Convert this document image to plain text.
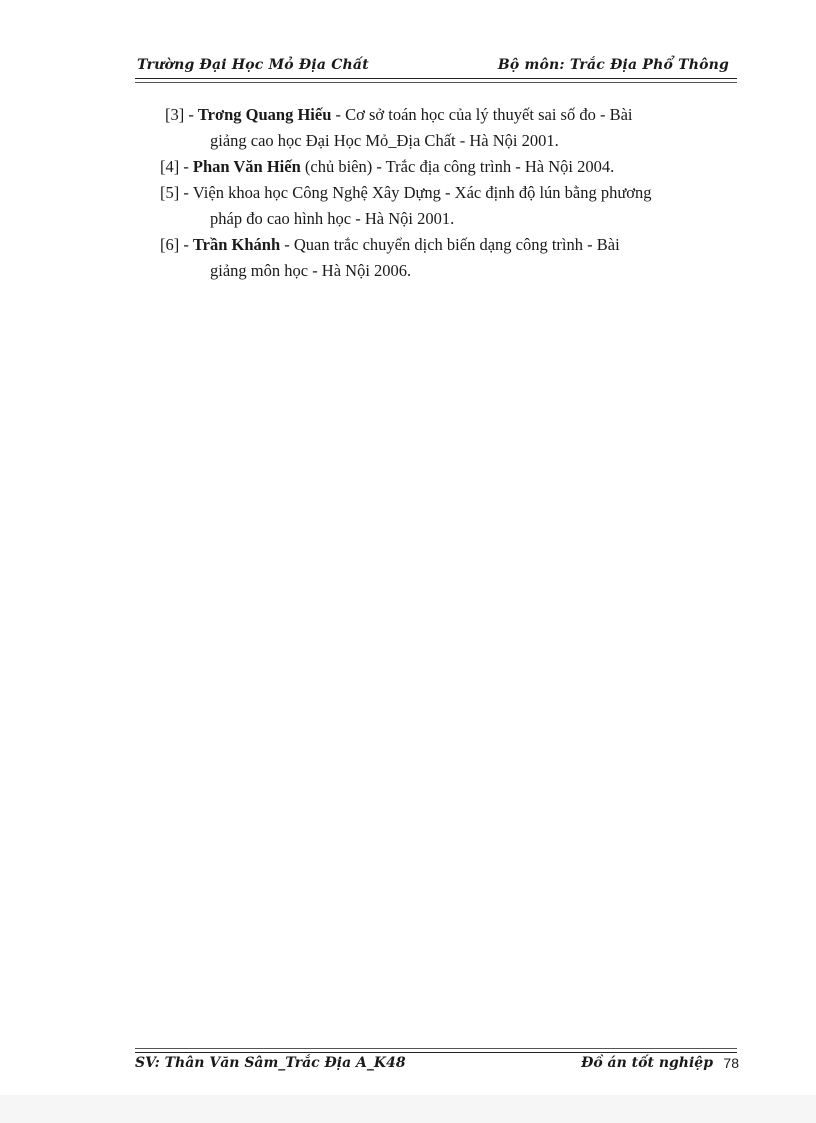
Trường Đại Học Mỏ Địa Chất	Bộ môn: Trắc Địa Phổ Thông

[3] - Trơng Quang Hiếu - Cơ sở toán học của lý thuyết sai số đo - Bài
giảng cao học Đại Học Mỏ_Địa Chất - Hà Nội 2001.

[4] - Phan Văn Hiến (chủ biên) - Trắc địa công trình - Hà Nội 2004.

[5] - Viện khoa học Công Nghệ Xây Dựng - Xác định độ lún bằng phương
pháp đo cao hình học - Hà Nội 2001.

[6] - Trần Khánh - Quan trắc chuyển dịch biến dạng công trình - Bài
giảng môn học - Hà Nội 2006.

SV: Thân Văn Sâm_Trắc Địa A_K48	Đồ án tốt nghiệp 78
